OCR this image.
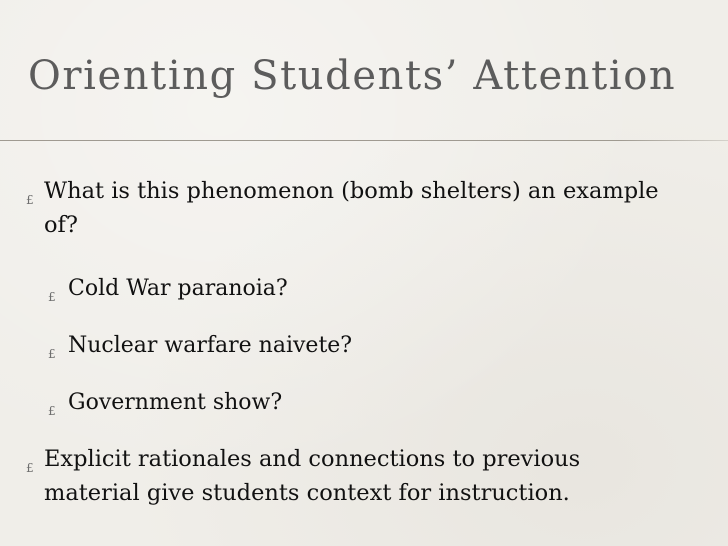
Orienting Students’ Attention
£ What is this phenomenon (bomb shelters) an example
of?
£ Cold War paranoia?
£ Nuclear warfare naivete?
£ Government show?
£ Explicit rationales and connections to previous
material give students context for instruction.
